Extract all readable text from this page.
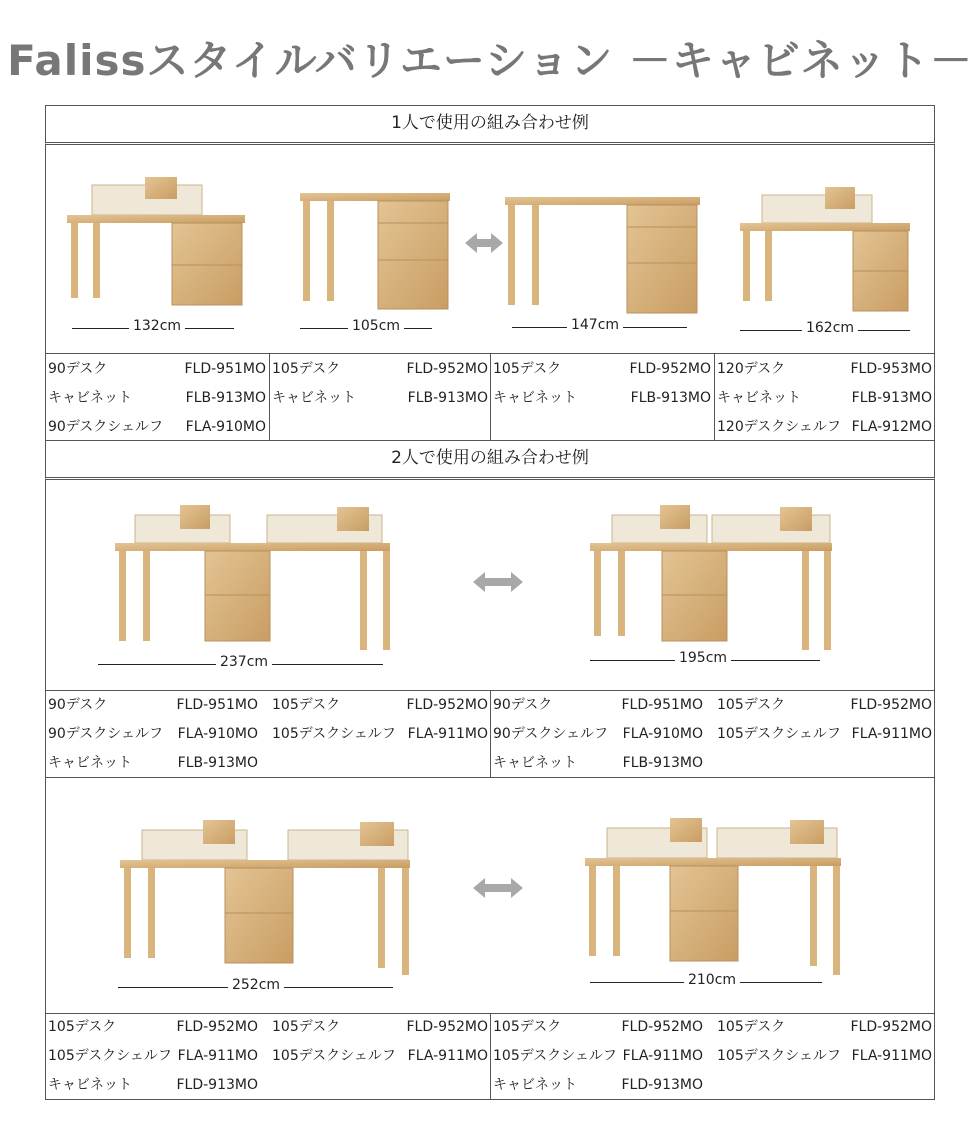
Falissスタイルバリエーション －キャビネット－
1人で使用の組み合わせ例
132cm	105cm	147cm	162cm
90デスク	FLD-951MO
キャビネット	FLB-913MO
90デスクシェルフ FLA-910MO
105デスク	FLD-952MO
キャビネット	FLB-913MO
105デスク	FLD-952MO
キャビネット	FLB-913MO
120デスク	FLD-953MO
キャビネット	FLB-913MO
120デスクシェルフ FLA-912MO
2人で使用の組み合わせ例
237cm	195cm
90デスク	FLD-951MO
90デスクシェルフ FLA-910MO
キャビネット	FLB-913MO
105デスク	FLD-952MO
105デスクシェルフ FLA-911MO
90デスク	FLD-951MO
90デスクシェルフ FLA-910MO
キャビネット	FLB-913MO
105デスク	FLD-952MO
105デスクシェルフ FLA-911MO
252cm	210cm
105デスク	FLD-952MO
105デスクシェルフ FLA-911MO
キャビネット	FLD-913MO
105デスク	FLD-952MO
105デスクシェルフ FLA-911MO
105デスク	FLD-952MO
105デスクシェルフ FLA-911MO
キャビネット	FLD-913MO
105デスク	FLD-952MO
105デスクシェルフ FLA-911MO
